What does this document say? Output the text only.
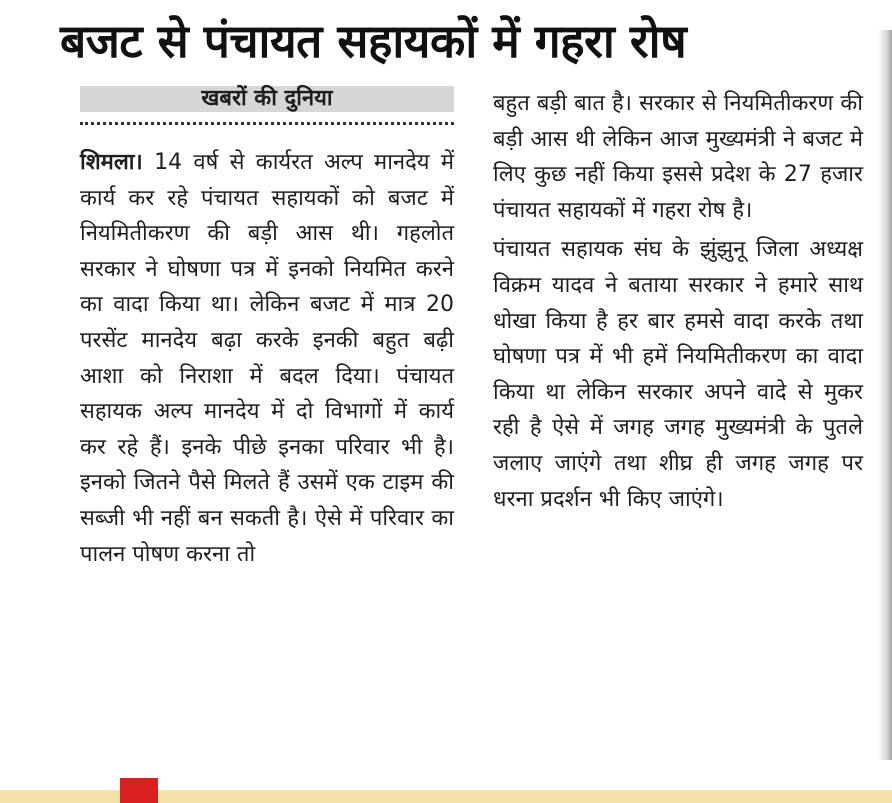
बजट से पंचायत सहायकों में गहरा रोष
खबरों की दुनिया

शिमला। 14 वर्ष से कार्यरत अल्प मानदेय में कार्य कर रहे पंचायत सहायकों को बजट में नियमितीकरण की बड़ी आस थी। गहलोत सरकार ने घोषणा पत्र में इनको नियमित करने का वादा किया था। लेकिन बजट में मात्र 20 परसेंट मानदेय बढ़ा करके इनकी बहुत बढ़ी आशा को निराशा में बदल दिया। पंचायत सहायक अल्प मानदेय में दो विभागों में कार्य कर रहे हैं। इनके पीछे इनका परिवार भी है। इनको जितने पैसे मिलते हैं उसमें एक टाइम की सब्जी भी नहीं बन सकती है। ऐसे में परिवार का पालन पोषण करना तो

बहुत बड़ी बात है। सरकार से नियमितीकरण की बड़ी आस थी लेकिन आज मुख्यमंत्री ने बजट मे लिए कुछ नहीं किया इससे प्रदेश के 27 हजार पंचायत सहायकों में गहरा रोष है।

पंचायत सहायक संघ के झुंझुनू जिला अध्यक्ष विक्रम यादव ने बताया सरकार ने हमारे साथ धोखा किया है हर बार हमसे वादा करके तथा घोषणा पत्र में भी हमें नियमितीकरण का वादा किया था लेकिन सरकार अपने वादे से मुकर रही है ऐसे में जगह जगह मुख्यमंत्री के पुतले जलाए जाएंगे तथा शीघ्र ही जगह जगह पर धरना प्रदर्शन भी किए जाएंगे।
